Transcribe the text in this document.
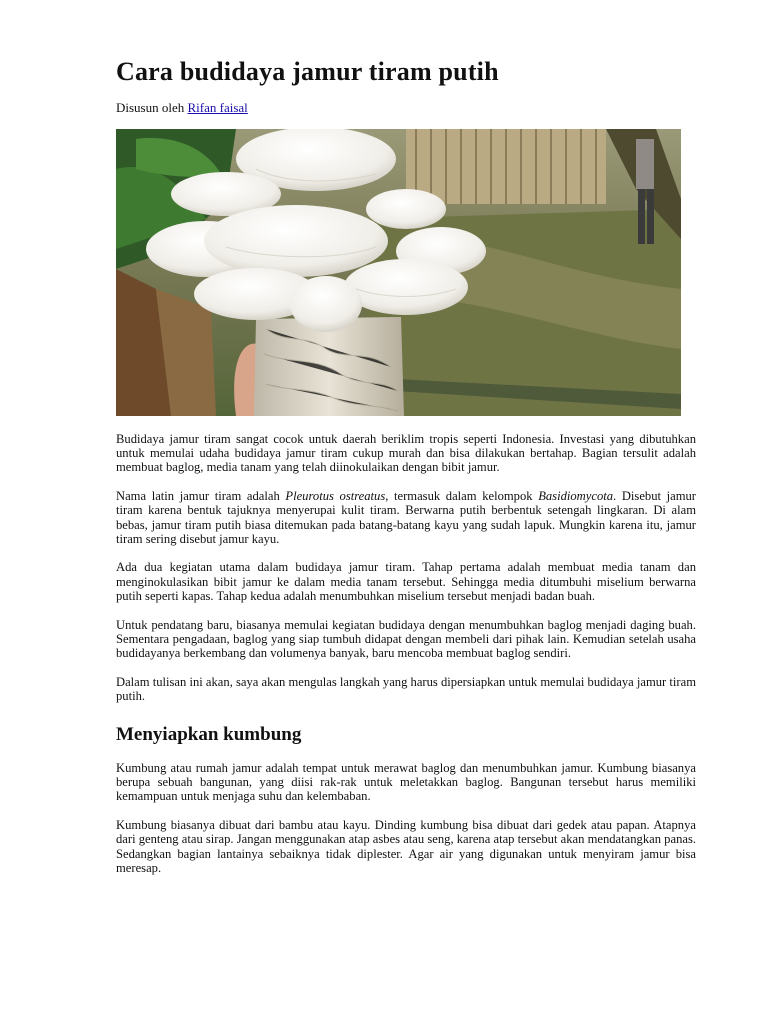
Cara budidaya jamur tiram putih
Disusun oleh Rifan faisal

Budidaya jamur tiram sangat cocok untuk daerah beriklim tropis seperti Indonesia. Investasi yang dibutuhkan untuk memulai udaha budidaya jamur tiram cukup murah dan bisa dilakukan bertahap. Bagian tersulit adalah membuat baglog, media tanam yang telah diinokulaikan dengan bibit jamur.

Nama latin jamur tiram adalah Pleurotus ostreatus, termasuk dalam kelompok Basidiomycota. Disebut jamur tiram karena bentuk tajuknya menyerupai kulit tiram. Berwarna putih berbentuk setengah lingkaran. Di alam bebas, jamur tiram putih biasa ditemukan pada batang-batang kayu yang sudah lapuk. Mungkin karena itu, jamur tiram sering disebut jamur kayu.

Ada dua kegiatan utama dalam budidaya jamur tiram. Tahap pertama adalah membuat media tanam dan menginokulasikan bibit jamur ke dalam media tanam tersebut. Sehingga media ditumbuhi miselium berwarna putih seperti kapas. Tahap kedua adalah menumbuhkan miselium tersebut menjadi badan buah.

Untuk pendatang baru, biasanya memulai kegiatan budidaya dengan menumbuhkan baglog menjadi daging buah. Sementara pengadaan, baglog yang siap tumbuh didapat dengan membeli dari pihak lain. Kemudian setelah usaha budidayanya berkembang dan volumenya banyak, baru mencoba membuat baglog sendiri.

Dalam tulisan ini akan, saya akan mengulas langkah yang harus dipersiapkan untuk memulai budidaya jamur tiram putih.

Menyiapkan kumbung

Kumbung atau rumah jamur adalah tempat untuk merawat baglog dan menumbuhkan jamur. Kumbung biasanya berupa sebuah bangunan, yang diisi rak-rak untuk meletakkan baglog. Bangunan tersebut harus memiliki kemampuan untuk menjaga suhu dan kelembaban.

Kumbung biasanya dibuat dari bambu atau kayu. Dinding kumbung bisa dibuat dari gedek atau papan. Atapnya dari genteng atau sirap. Jangan menggunakan atap asbes atau seng, karena atap tersebut akan mendatangkan panas. Sedangkan bagian lantainya sebaiknya tidak diplester. Agar air yang digunakan untuk menyiram jamur bisa meresap.
